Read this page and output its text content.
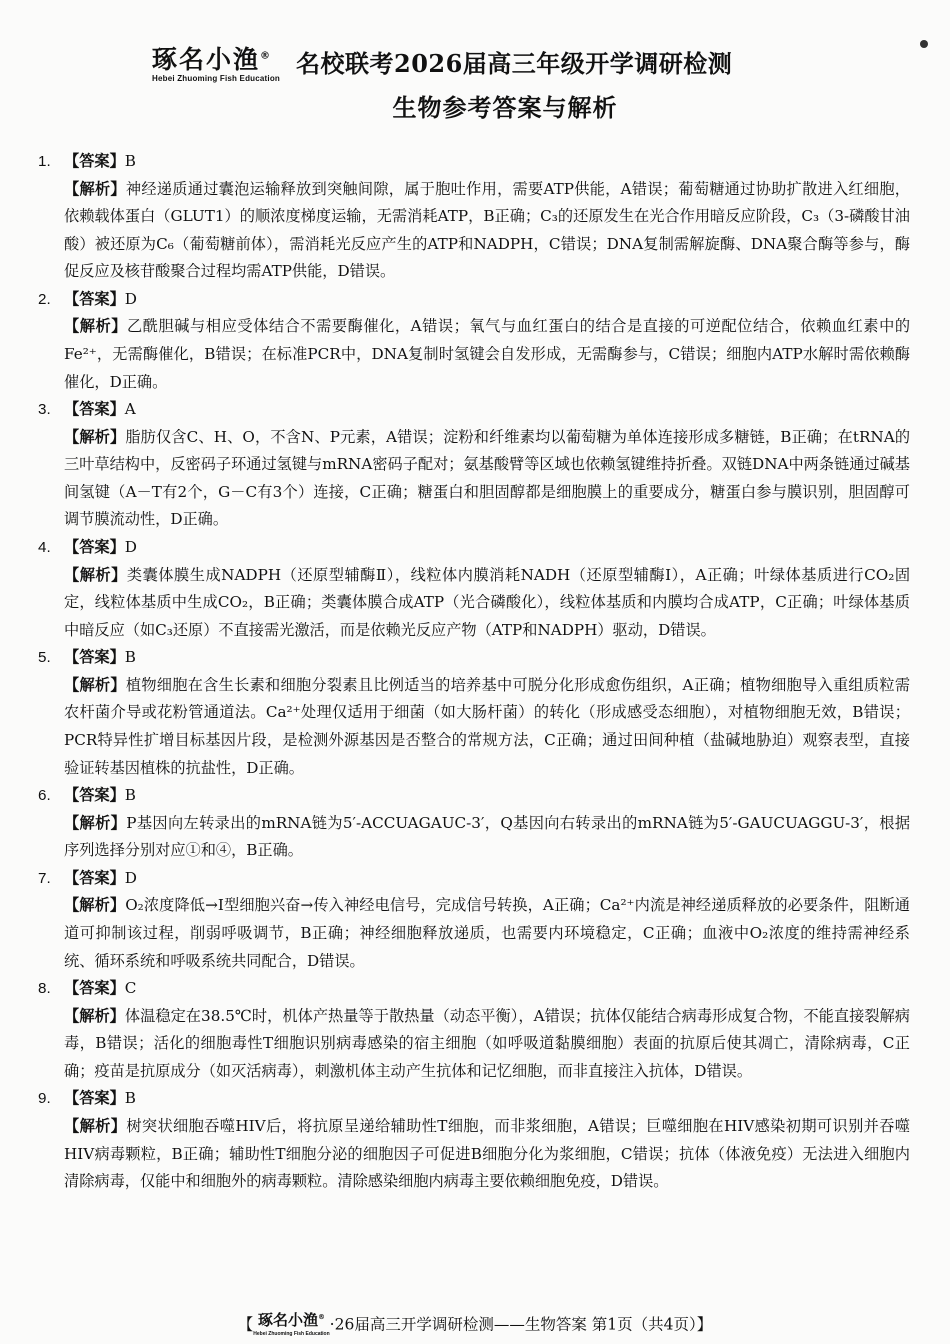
琢名小渔®
Hebei Zhuoming Fish Education
名校联考2026届高三年级开学调研检测
生物参考答案与解析
1. 【答案】B
【解析】神经递质通过囊泡运输释放到突触间隙，属于胞吐作用，需要ATP供能，A错误；葡萄糖通过协助扩散进入红细胞，依赖载体蛋白（GLUT1）的顺浓度梯度运输，无需消耗ATP，B正确；C₃的还原发生在光合作用暗反应阶段，C₃（3-磷酸甘油酸）被还原为C₆（葡萄糖前体），需消耗光反应产生的ATP和NADPH，C错误；DNA复制需解旋酶、DNA聚合酶等参与，酶促反应及核苷酸聚合过程均需ATP供能，D错误。
2. 【答案】D
【解析】乙酰胆碱与相应受体结合不需要酶催化，A错误；氧气与血红蛋白的结合是直接的可逆配位结合，依赖血红素中的Fe²⁺，无需酶催化，B错误；在标准PCR中，DNA复制时氢键会自发形成，无需酶参与，C错误；细胞内ATP水解时需依赖酶催化，D正确。
3. 【答案】A
【解析】脂肪仅含C、H、O，不含N、P元素，A错误；淀粉和纤维素均以葡萄糖为单体连接形成多糖链，B正确；在tRNA的三叶草结构中，反密码子环通过氢键与mRNA密码子配对；氨基酸臂等区域也依赖氢键维持折叠。双链DNA中两条链通过碱基间氢键（A－T有2个，G－C有3个）连接，C正确；糖蛋白和胆固醇都是细胞膜上的重要成分，糖蛋白参与膜识别，胆固醇可调节膜流动性，D正确。
4. 【答案】D
【解析】类囊体膜生成NADPH（还原型辅酶Ⅱ），线粒体内膜消耗NADH（还原型辅酶Ⅰ），A正确；叶绿体基质进行CO₂固定，线粒体基质中生成CO₂，B正确；类囊体膜合成ATP（光合磷酸化），线粒体基质和内膜均合成ATP，C正确；叶绿体基质中暗反应（如C₃还原）不直接需光激活，而是依赖光反应产物（ATP和NADPH）驱动，D错误。
5. 【答案】B
【解析】植物细胞在含生长素和细胞分裂素且比例适当的培养基中可脱分化形成愈伤组织，A正确；植物细胞导入重组质粒需农杆菌介导或花粉管通道法。Ca²⁺处理仅适用于细菌（如大肠杆菌）的转化（形成感受态细胞），对植物细胞无效，B错误；PCR特异性扩增目标基因片段，是检测外源基因是否整合的常规方法，C正确；通过田间种植（盐碱地胁迫）观察表型，直接验证转基因植株的抗盐性，D正确。
6. 【答案】B
【解析】P基因向左转录出的mRNA链为5′-ACCUAGAUC-3′，Q基因向右转录出的mRNA链为5′-GAUCUAGGU-3′，根据序列选择分别对应①和④，B正确。
7. 【答案】D
【解析】O₂浓度降低→Ⅰ型细胞兴奋→传入神经电信号，完成信号转换，A正确；Ca²⁺内流是神经递质释放的必要条件，阻断通道可抑制该过程，削弱呼吸调节，B正确；神经细胞释放递质，也需要内环境稳定，C正确；血液中O₂浓度的维持需神经系统、循环系统和呼吸系统共同配合，D错误。
8. 【答案】C
【解析】体温稳定在38.5℃时，机体产热量等于散热量（动态平衡），A错误；抗体仅能结合病毒形成复合物，不能直接裂解病毒，B错误；活化的细胞毒性T细胞识别病毒感染的宿主细胞（如呼吸道黏膜细胞）表面的抗原后使其凋亡，清除病毒，C正确；疫苗是抗原成分（如灭活病毒），刺激机体主动产生抗体和记忆细胞，而非直接注入抗体，D错误。
9. 【答案】B
【解析】树突状细胞吞噬HIV后，将抗原呈递给辅助性T细胞，而非浆细胞，A错误；巨噬细胞在HIV感染初期可识别并吞噬HIV病毒颗粒，B正确；辅助性T细胞分泌的细胞因子可促进B细胞分化为浆细胞，C错误；抗体（体液免疫）无法进入细胞内清除病毒，仅能中和细胞外的病毒颗粒。清除感染细胞内病毒主要依赖细胞免疫，D错误。
【 琢名小渔®
Hebei Zhuoming Fish Education
·26届高三开学调研检测——生物答案 第1页（共4页）】
